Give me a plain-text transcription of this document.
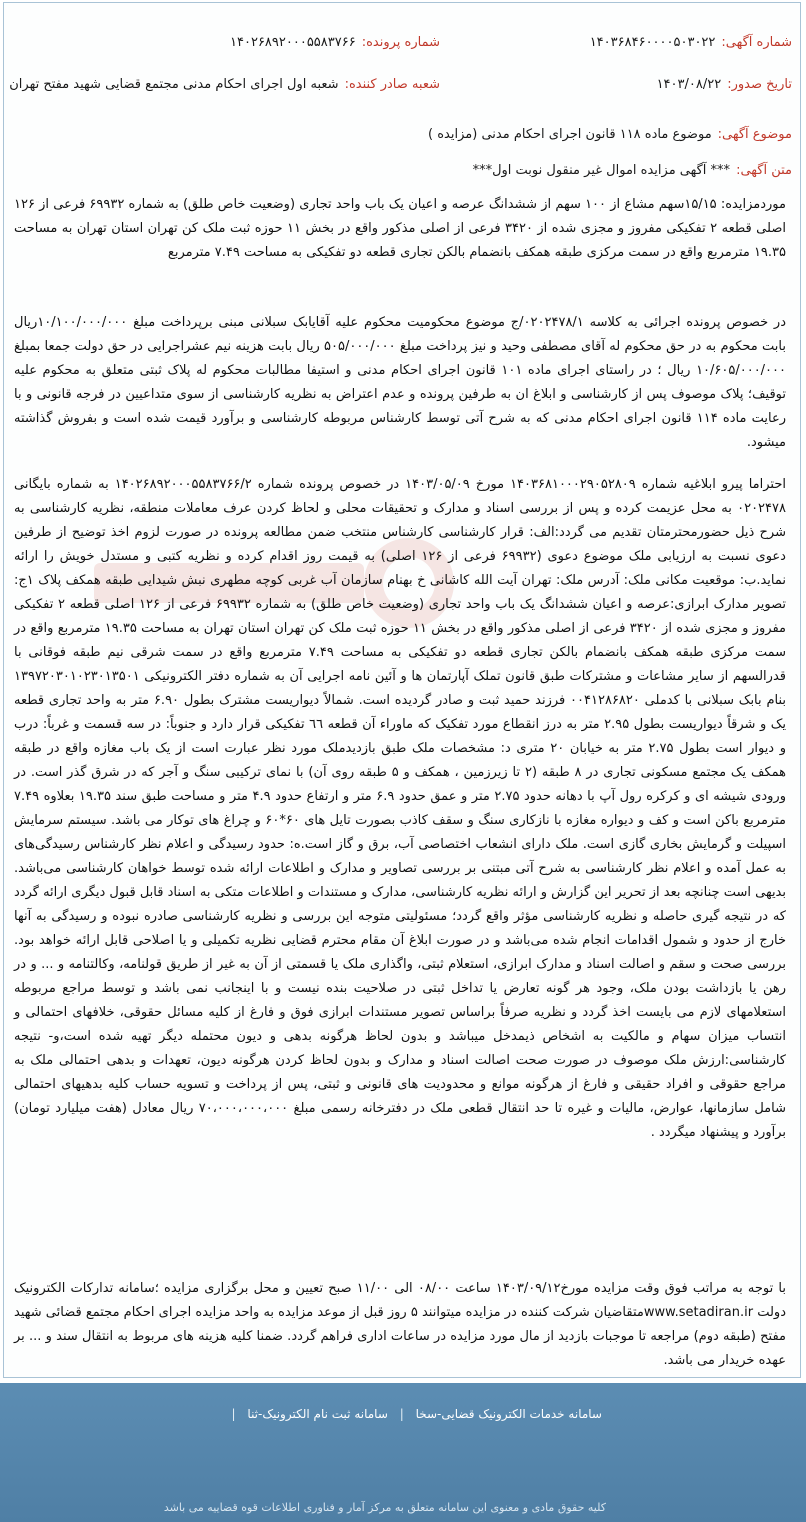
شماره آگهی:۱۴۰۳۶۸۴۶۰۰۰۰۵۰۳۰۲۲
شماره پرونده:۱۴۰۲۶۸۹۲۰۰۰۵۵۸۳۷۶۶
تاریخ صدور:۱۴۰۳/۰۸/۲۲
شعبه صادر کننده:شعبه اول اجرای احکام مدنی مجتمع قضایی شهید مفتح تهران
موضوع آگهی:موضوع ماده ۱۱۸ قانون اجرای احکام مدنی (مزایده )
متن آگهی:*** آگهی مزایده اموال غیر منقول نوبت اول***
موردمزایده: ۱۵/۱۵سهم مشاع از ۱۰۰ سهم از ششدانگ عرصه و اعیان یک باب واحد تجاری (وضعیت خاص طلق) به شماره ۶۹۹۳۲ فرعی از ۱۲۶ اصلی قطعه ۲ تفکیکی مفروز و مجزی شده از ۳۴۲۰ فرعی از اصلی مذکور واقع در بخش ۱۱ حوزه ثبت ملک کن تهران استان تهران به مساحت ۱۹.۳۵ مترمربع واقع در سمت مرکزی طبقه همکف بانضمام بالکن تجاری قطعه دو تفکیکی به مساحت ۷.۴۹ مترمربع
در خصوص پرونده اجرائی به کلاسه ۰۲۰۲۴۷۸/۱/ج موضوع محکومیت محکوم علیه آقایابک سبلانی مبنی برپرداخت مبلغ ۱۰/۱۰۰/۰۰۰/۰۰۰ریال بابت محکوم به در حق محکوم له آقای مصطفی وحید و نیز پرداخت مبلغ ۵۰۵/۰۰۰/۰۰۰ ریال بابت هزینه نیم عشراجرایی در حق دولت جمعا بمبلغ ۱۰/۶۰۵/۰۰۰/۰۰۰ ریال ؛ در راستای اجرای ماده ۱۰۱ قانون اجرای احکام مدنی و استیفا مطالبات محکوم له پلاک ثبتی متعلق به محکوم علیه توقیف؛ پلاک موصوف پس از کارشناسی و ابلاغ ان به طرفین پرونده و عدم اعتراض به نظریه کارشناسی از سوی متداعیین در فرجه قانونی و با رعایت ماده ۱۱۴ قانون اجرای احکام مدنی که به شرح آتی توسط کارشناس مربوطه کارشناسی و برآورد قیمت شده است و بفروش گذاشته میشود.
احتراما پیرو ابلاغیه شماره ۱۴۰۳۶۸۱۰۰۰۲۹۰۵۲۸۰۹ مورخ ۱۴۰۳/۰۵/۰۹ در خصوص پرونده شماره ۱۴۰۲۶۸۹۲۰۰۰۵۵۸۳۷۶۶/۲ به شماره بایگانی ۰۲۰۲۴۷۸ به محل عزیمت کرده و پس از بررسی اسناد و مدارک و تحقیقات محلی و لحاظ کردن عرف معاملات منطقه، نظریه کارشناسی به شرح ذیل حضورمحترمتان تقدیم می گردد:الف: قرار کارشناسی کارشناس منتخب ضمن مطالعه پرونده در صورت لزوم اخذ توضیح از طرفین دعوی نسبت به ارزیابی ملک موضوع دعوی (۶۹۹۳۲ فرعی از ۱۲۶ اصلی) به قیمت روز اقدام کرده و نظریه کتبی و مستدل خویش را ارائه نماید.ب: موقعیت مکانی ملک: آدرس ملک: تهران آیت الله کاشانی خ بهنام سازمان آب غربی کوچه مطهری نبش شیدایی طبقه همکف پلاک ۱ج: تصویر مدارک ابرازی:عرصه و اعیان ششدانگ یک باب واحد تجاری (وضعیت خاص طلق) به شماره ۶۹۹۳۲ فرعی از ۱۲۶ اصلی قطعه ۲ تفکیکی مفروز و مجزی شده از ۳۴۲۰ فرعی از اصلی مذکور واقع در بخش ۱۱ حوزه ثبت ملک کن تهران استان تهران به مساحت ۱۹.۳۵ مترمربع واقع در سمت مرکزی طبقه همکف بانضمام بالکن تجاری قطعه دو تفکیکی به مساحت ۷.۴۹ مترمربع واقع در سمت شرقی نیم طبقه فوقانی با قدرالسهم از سایر مشاعات و مشترکات طبق قانون تملک آپارتمان ها و آئین نامه اجرایی آن به شماره دفتر الکترونیکی ۱۳۹۷۲۰۳۰۱۰۲۳۰۱۳۵۰۱ بنام بابک سبلانی با کدملی ۰۰۴۱۲۸۶۸۲۰ فرزند حمید ثبت و صادر گردیده است. شمالاً دیواریست مشترک بطول ۶.۹۰ متر به واحد تجاری قطعه یک و شرقاً دیواریست بطول ۲.۹۵ متر به درز انقطاع مورد تفکیک که ماوراء آن قطعه ٦٦ تفکیکی قرار دارد و جنوباً: در سه قسمت و غرباً: درب و دیوار است بطول ۲.۷۵ متر به خیابان ۲۰ متری د: مشخصات ملک طبق بازدیدملک مورد نظر عبارت است از یک باب مغازه واقع در طبقه همکف یک مجتمع مسکونی تجاری در ۸ طبقه (۲ تا زیرزمین ، همکف و ۵ طبقه روی آن) با نمای ترکیبی سنگ و آجر که در شرق گذر است. در ورودی شیشه ای و کرکره رول آپ با دهانه حدود ۲.۷۵ متر و عمق حدود ۶.۹ متر و ارتفاع حدود ۴.۹ متر و مساحت طبق سند ۱۹.۳۵ بعلاوه ۷.۴۹ مترمربع باکن است و کف و دیواره مغازه با نازکاری سنگ و سقف کاذب بصورت تایل های ۶۰*۶۰ و چراغ های توکار می باشد. سیستم سرمایش اسپیلت و گرمایش بخاری گازی است. ملک دارای انشعاب اختصاصی آب، برق و گاز است.ه: حدود رسیدگی و اعلام نظر کارشناس رسیدگی‌های به عمل آمده و اعلام نظر کارشناسی به شرح آتی مبتنی بر بررسی تصاویر و مدارک و اطلاعات ارائه شده توسط خواهان کارشناسی می‌باشد. بدیهی است چنانچه بعد از تحریر این گزارش و ارائه نظریه کارشناسی، مدارک و مستندات و اطلاعات متکی به اسناد قابل قبول دیگری ارائه گردد که در نتیجه گیری حاصله و نظریه کارشناسی مؤثر واقع گردد؛ مسئولیتی متوجه این بررسی و نظریه کارشناسی صادره نبوده و رسیدگی به آنها خارج از حدود و شمول اقدامات انجام شده می‌باشد و در صورت ابلاغ آن مقام محترم قضایی نظریه تکمیلی و یا اصلاحی قابل ارائه خواهد بود. بررسی صحت و سقم و اصالت اسناد و مدارک ابرازی، استعلام ثبتی، واگذاری ملک یا قسمتی از آن به غیر از طریق قولنامه، وکالتنامه و ... و در رهن یا بازداشت بودن ملک، وجود هر گونه تعارض یا تداخل ثبتی در صلاحیت بنده نیست و با اینجانب نمی باشد و توسط مراجع مربوطه استعلامهای لازم می بایست اخذ گردد و نظریه صرفاً براساس تصویر مستندات ابرازی فوق و فارغ از کلیه مسائل حقوقی، خلافهای احتمالی و انتساب میزان سهام و مالکیت به اشخاص ذیمدخل میباشد و بدون لحاظ هرگونه بدهی و دیون محتمله دیگر تهیه شده است،و- نتیجه کارشناسی:ارزش ملک موصوف در صورت صحت اصالت اسناد و مدارک و بدون لحاظ کردن هرگونه دیون، تعهدات و بدهی احتمالی ملک به مراجع حقوقی و افراد حقیقی و فارغ از هرگونه موانع و محدودیت های قانونی و ثبتی، پس از پرداخت و تسویه حساب کلیه بدهیهای احتمالی شامل سازمانها، عوارض، مالیات و غیره تا حد انتقال قطعی ملک در دفترخانه رسمی مبلغ ۷۰،۰۰۰،۰۰۰،۰۰۰ ریال معادل (هفت میلیارد تومان) برآورد و پیشنهاد میگردد .
با توجه به مراتب فوق وقت مزایده مورخ۱۴۰۳/۰۹/۱۲ ساعت ۰۸/۰۰ الی ۱۱/۰۰ صبح تعیین و محل برگزاری مزایده ؛سامانه تدارکات الکترونیک دولت www.setadiran.irمتقاضیان شرکت کننده در مزایده میتوانند ۵ روز قبل از موعد مزایده به واحد مزایده اجرای احکام مجتمع قضائی شهید مفتح (طبقه دوم) مراجعه تا موجبات بازدید از مال مورد مزایده در ساعات اداری فراهم گردد. ضمنا کلیه هزینه های مربوط به انتقال سند و ... بر عهده خریدار می باشد.
سامانه خدمات الکترونیک قضایی-سخا | سامانه ثبت نام الکترونیک-ثنا |
کلیه حقوق مادی و معنوی این سامانه متعلق به مرکز آمار و فناوری اطلاعات قوه قضاییه می باشد
